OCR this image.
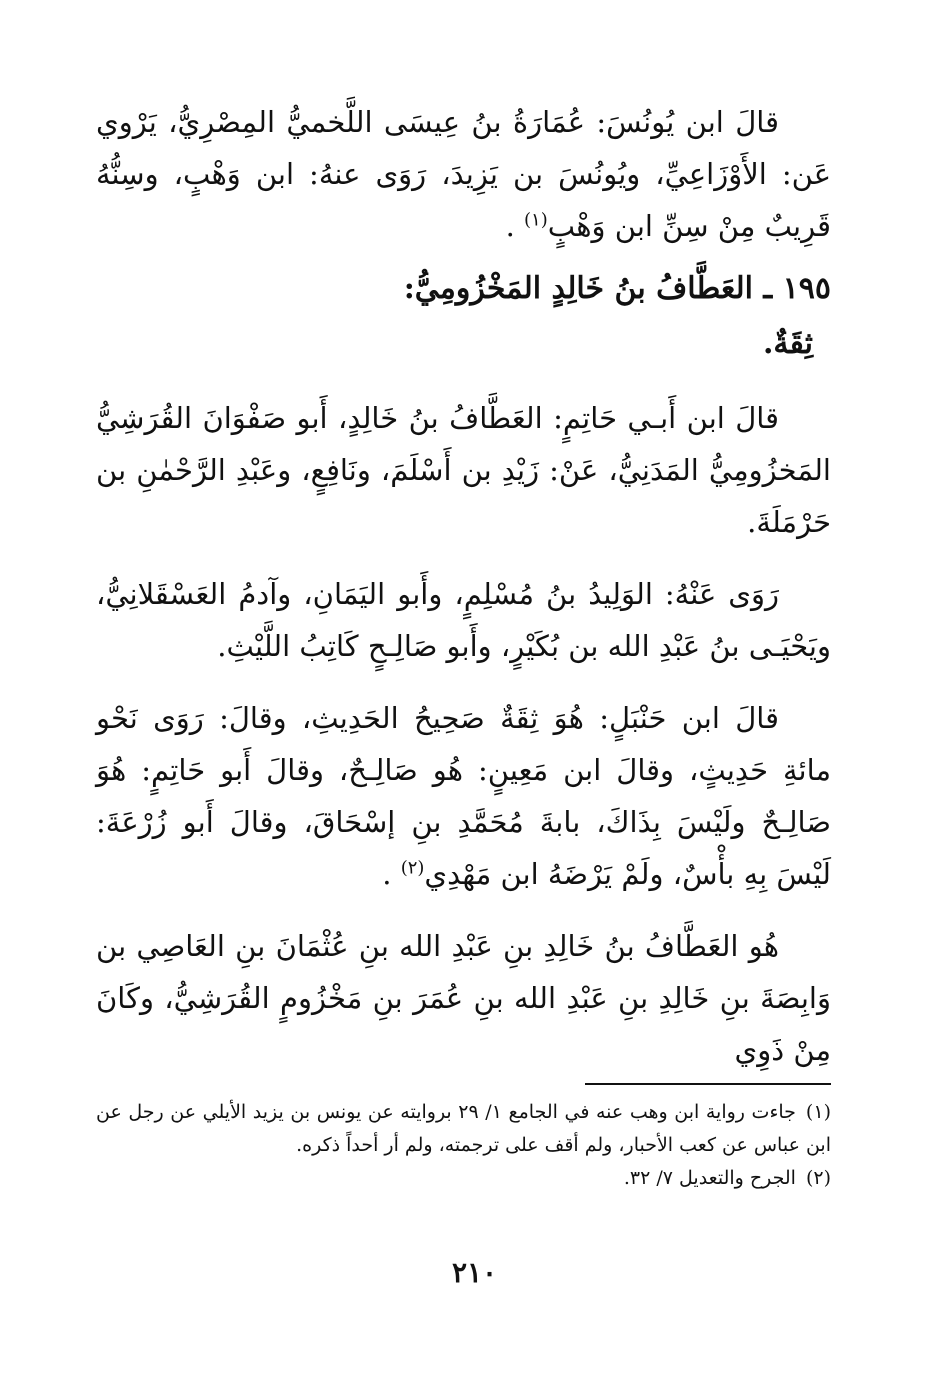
قالَ ابن يُونُسَ: عُمَارَةُ بنُ عِيسَى اللَّخميُّ المِصْرِيُّ، يَرْوي عَن: الأَوْزَاعِيِّ، ويُونُسَ بن يَزِيدَ، رَوَى عنهُ: ابن وَهْبٍ، وسِنُّهُ قَرِيبٌ مِنْ سِنِّ ابن وَهْبٍ$^{(١)}$ .

١٩٥ ـ العَطَّافُ بنُ خَالِدٍ المَخْزُومِيُّ:

ثِقَةٌ.

قالَ ابن أَبـي حَاتِمٍ: العَطَّافُ بنُ خَالِدٍ، أَبو صَفْوَانَ القُرَشِيُّ المَخزُومِيُّ المَدَنِيُّ، عَنْ: زَيْدِ بن أَسْلَمَ، ونَافِعٍ، وعَبْدِ الرَّحْمٰنِ بن حَرْمَلَةَ.

رَوَى عَنْهُ: الوَلِيدُ بنُ مُسْلِمٍ، وأَبو اليَمَانِ، وآدمُ العَسْقَلانِيُّ، ويَحْيَـى بنُ عَبْدِ الله بن بُكَيْرٍ، وأَبو صَالِـحٍ كَاتِبُ اللَّيْثِ.

قالَ ابن حَنْبَلٍ: هُوَ ثِقَةٌ صَحِيحُ الحَدِيثِ، وقالَ: رَوَى نَحْو مائةِ حَدِيثٍ، وقالَ ابن مَعِينٍ: هُو صَالِـحٌ، وقالَ أَبو حَاتِمٍ: هُوَ صَالِـحٌ ولَيْسَ بِذَاكَ، بابةَ مُحَمَّدِ بنِ إسْحَاقَ، وقالَ أَبو زُرْعَةَ: لَيْسَ بِهِ بأْسٌ، ولَمْ يَرْضَهُ ابن مَهْدِي$^{(٢)}$ .

هُو العَطَّافُ بنُ خَالِدِ بنِ عَبْدِ الله بنِ عُثْمَانَ بنِ العَاصِي بن وَابِصَةَ بنِ خَالِدِ بنِ عَبْدِ الله بنِ عُمَرَ بنِ مَخْزُومٍ القُرَشِيُّ، وكَانَ مِنْ ذَوِي

(١)جاءت رواية ابن وهب عنه في الجامع ١/ ٢٩ بروايته عن يونس بن يزيد الأيلي عن رجل عن ابن عباس عن كعب الأحبار، ولم أقف على ترجمته، ولم أر أحداً ذكره.

(٢)الجرح والتعديل ٧/ ٣٢.

٢١٠
